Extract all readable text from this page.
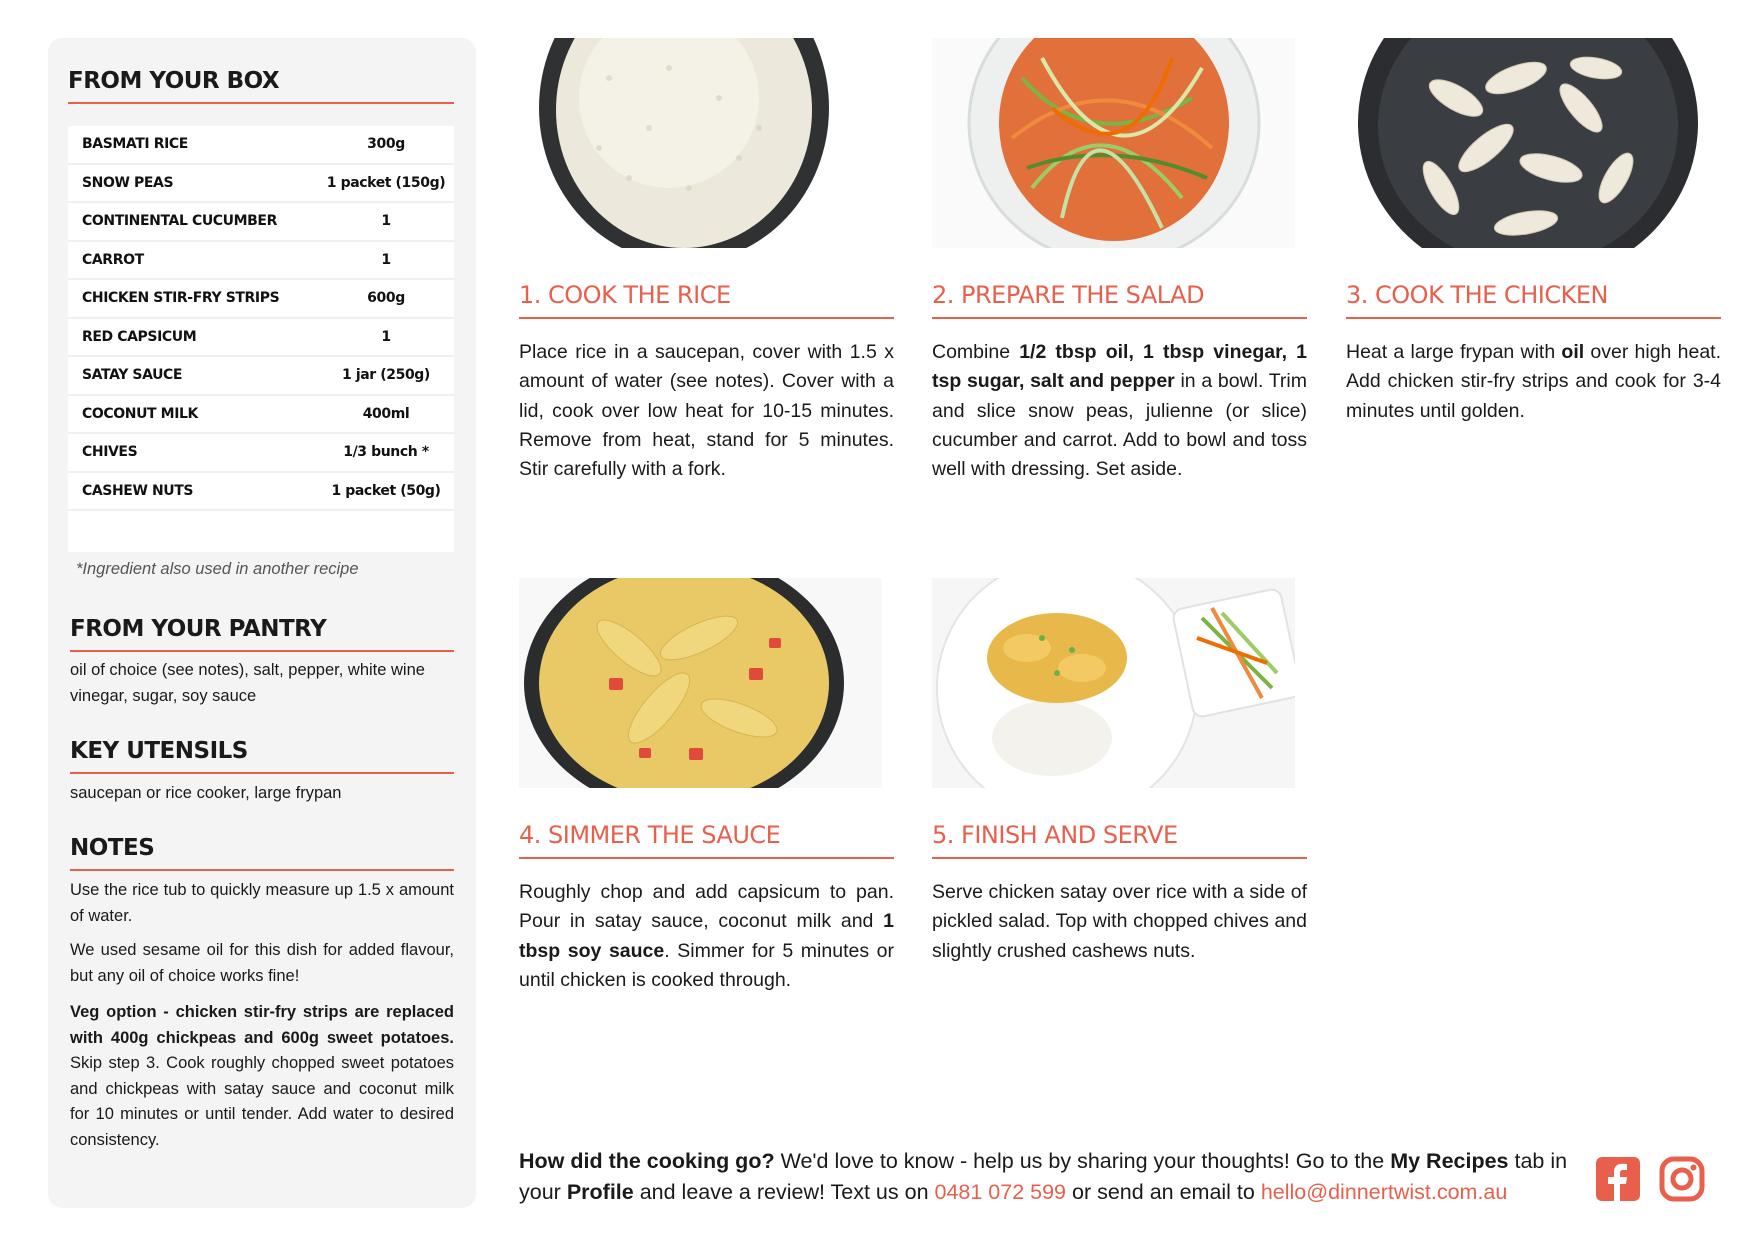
FROM YOUR BOX
BASMATI RICE	300g
SNOW PEAS	1 packet (150g)
CONTINENTAL CUCUMBER	1
CARROT	1
CHICKEN STIR-FRY STRIPS	600g
RED CAPSICUM	1
SATAY SAUCE	1 jar (250g)
COCONUT MILK	400ml
CHIVES	1/3 bunch *
CASHEW NUTS	1 packet (50g)
*Ingredient also used in another recipe
FROM YOUR PANTRY
oil of choice (see notes), salt, pepper, white wine vinegar, sugar, soy sauce
KEY UTENSILS
saucepan or rice cooker, large frypan
NOTES
Use the rice tub to quickly measure up 1.5 x amount of water.
We used sesame oil for this dish for added flavour, but any oil of choice works fine!
Veg option - chicken stir-fry strips are replaced with 400g chickpeas and 600g sweet potatoes. Skip step 3. Cook roughly chopped sweet potatoes and chickpeas with satay sauce and coconut milk for 10 minutes or until tender. Add water to desired consistency.
1. COOK THE RICE
Place rice in a saucepan, cover with 1.5 x amount of water (see notes). Cover with a lid, cook over low heat for 10-15 minutes. Remove from heat, stand for 5 minutes. Stir carefully with a fork.
2. PREPARE THE SALAD
Combine 1/2 tbsp oil, 1 tbsp vinegar, 1 tsp sugar, salt and pepper in a bowl. Trim and slice snow peas, julienne (or slice) cucumber and carrot. Add to bowl and toss well with dressing. Set aside.
3. COOK THE CHICKEN
Heat a large frypan with oil over high heat. Add chicken stir-fry strips and cook for 3-4 minutes until golden.
4. SIMMER THE SAUCE
Roughly chop and add capsicum to pan. Pour in satay sauce, coconut milk and 1 tbsp soy sauce. Simmer for 5 minutes or until chicken is cooked through.
5. FINISH AND SERVE
Serve chicken satay over rice with a side of pickled salad. Top with chopped chives and slightly crushed cashews nuts.
How did the cooking go? We'd love to know - help us by sharing your thoughts! Go to the My Recipes tab in your Profile and leave a review! Text us on 0481 072 599 or send an email to hello@dinnertwist.com.au
